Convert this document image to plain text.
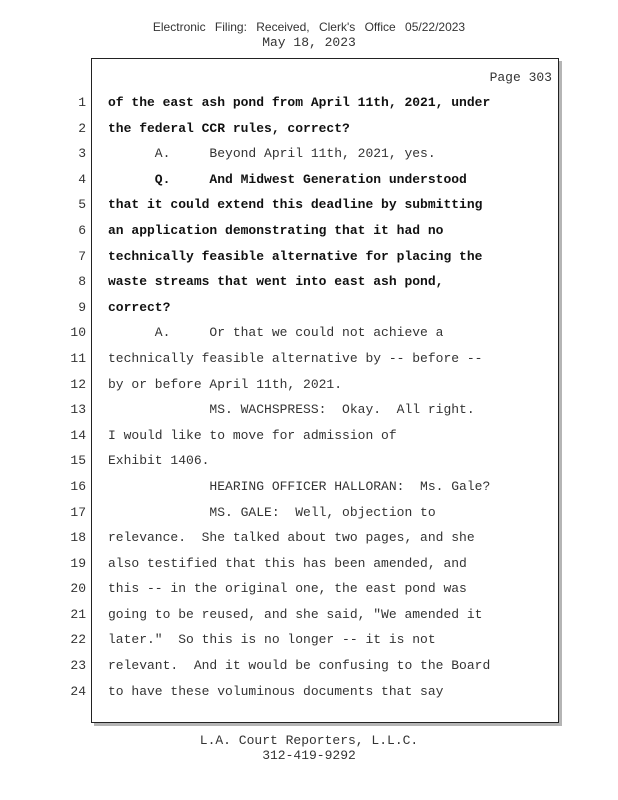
Electronic Filing: Received, Clerk's Office 05/22/2023
May 18, 2023
Page 303
1
2
3
4
5
6
7
8
9
10
11
12
13
14
15
16
17
18
19
20
21
22
23
24
of the east ash pond from April 11th, 2021, under
the federal CCR rules, correct?
A.     Beyond April 11th, 2021, yes.
Q.     And Midwest Generation understood
that it could extend this deadline by submitting
an application demonstrating that it had no
technically feasible alternative for placing the
waste streams that went into east ash pond,
correct?
A.     Or that we could not achieve a
technically feasible alternative by -- before --
by or before April 11th, 2021.
MS. WACHSPRESS:  Okay.  All right.
I would like to move for admission of
Exhibit 1406.
HEARING OFFICER HALLORAN:  Ms. Gale?
MS. GALE:  Well, objection to
relevance.  She talked about two pages, and she
also testified that this has been amended, and
this -- in the original one, the east pond was
going to be reused, and she said, "We amended it
later."  So this is no longer -- it is not
relevant.  And it would be confusing to the Board
to have these voluminous documents that say
L.A. Court Reporters, L.L.C.
312-419-9292
